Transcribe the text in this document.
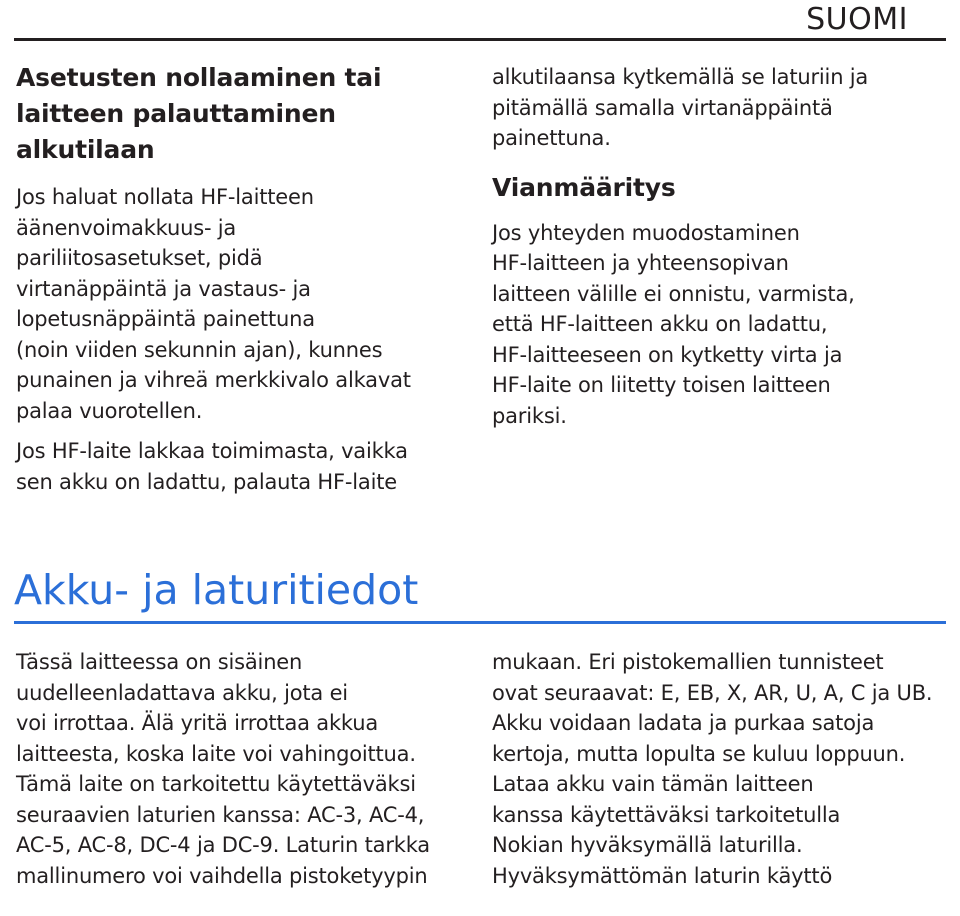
SUOMI
Asetusten nollaaminen tai
laitteen palauttaminen
alkutilaan

Jos haluat nollata HF-laitteen
äänenvoimakkuus- ja
pariliitosasetukset, pidä
virtanäppäintä ja vastaus- ja
lopetusnäppäintä painettuna
(noin viiden sekunnin ajan), kunnes
punainen ja vihreä merkkivalo alkavat
palaa vuorotellen.

Jos HF-laite lakkaa toimimasta, vaikka
sen akku on ladattu, palauta HF-laite

alkutilaansa kytkemällä se laturiin ja
pitämällä samalla virtanäppäintä
painettuna.

Vianmääritys

Jos yhteyden muodostaminen
HF-laitteen ja yhteensopivan
laitteen välille ei onnistu, varmista,
että HF-laitteen akku on ladattu,
HF-laitteeseen on kytketty virta ja
HF-laite on liitetty toisen laitteen
pariksi.

Akku- ja laturitiedot

Tässä laitteessa on sisäinen
uudelleenladattava akku, jota ei
voi irrottaa. Älä yritä irrottaa akkua
laitteesta, koska laite voi vahingoittua.
Tämä laite on tarkoitettu käytettäväksi
seuraavien laturien kanssa: AC-3, AC-4,
AC-5, AC-8, DC-4 ja DC-9. Laturin tarkka
mallinumero voi vaihdella pistoketyypin

mukaan. Eri pistokemallien tunnisteet
ovat seuraavat: E, EB, X, AR, U, A, C ja UB.
Akku voidaan ladata ja purkaa satoja
kertoja, mutta lopulta se kuluu loppuun.
Lataa akku vain tämän laitteen
kanssa käytettäväksi tarkoitetulla
Nokian hyväksymällä laturilla.
Hyväksymättömän laturin käyttö
